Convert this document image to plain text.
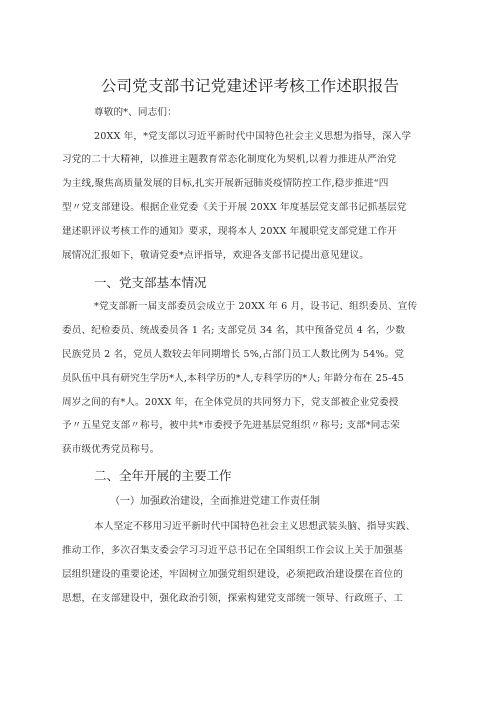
公司党支部书记党建述评考核工作述职报告
尊敬的*、同志们：
20XX 年，*党支部以习近平新时代中国特色社会主义思想为指导，深入学
习党的二十大精神，以推进主题教育常态化制度化为契机,以着力推进从严治党
为主线,聚焦高质量发展的目标,扎实开展新冠肺炎疫情防控工作,稳步推进“四
型〃党支部建设。根据企业党委《关于开展 20XX 年度基层党支部书记抓基层党
建述职评议考核工作的通知》要求，现将本人 20XX 年履职党支部党建工作开
展情况汇报如下，敬请党委*点评指导，欢迎各支部书记提出意见建议。
一、党支部基本情况
*党支部新一届支部委员会成立于 20XX 年 6 月，设书记、组织委员、宣传
委员、纪检委员、统战委员各 1 名; 支部党员 34 名，其中预备党员 4 名，少数
民族党员 2 名，党员人数较去年同期增长 5%,占部门员工人数比例为 54%。党
员队伍中具有研究生学历*人,本科学历的*人,专科学历的*人; 年龄分布在 25-45
周岁之间的有*人。20XX 年，在全体党员的共同努力下，党支部被企业党委授
予〃五星党支部〃称号，被中共*市委授予先进基层党组织〃称号; 支部*同志荣
获市级优秀党员称号。
二、全年开展的主要工作
（一）加强政治建设，全面推进党建工作责任制
本人坚定不移用习近平新时代中国特色社会主义思想武装头脑、指导实践、
推动工作，多次召集支委会学习习近平总书记在全国组织工作会议上关于加强基
层组织建设的重要论述，牢固树立加强党组织建设，必须把政治建设摆在首位的
思想，在支部建设中，强化政治引领，探索构建党支部统一领导、行政班子、工
